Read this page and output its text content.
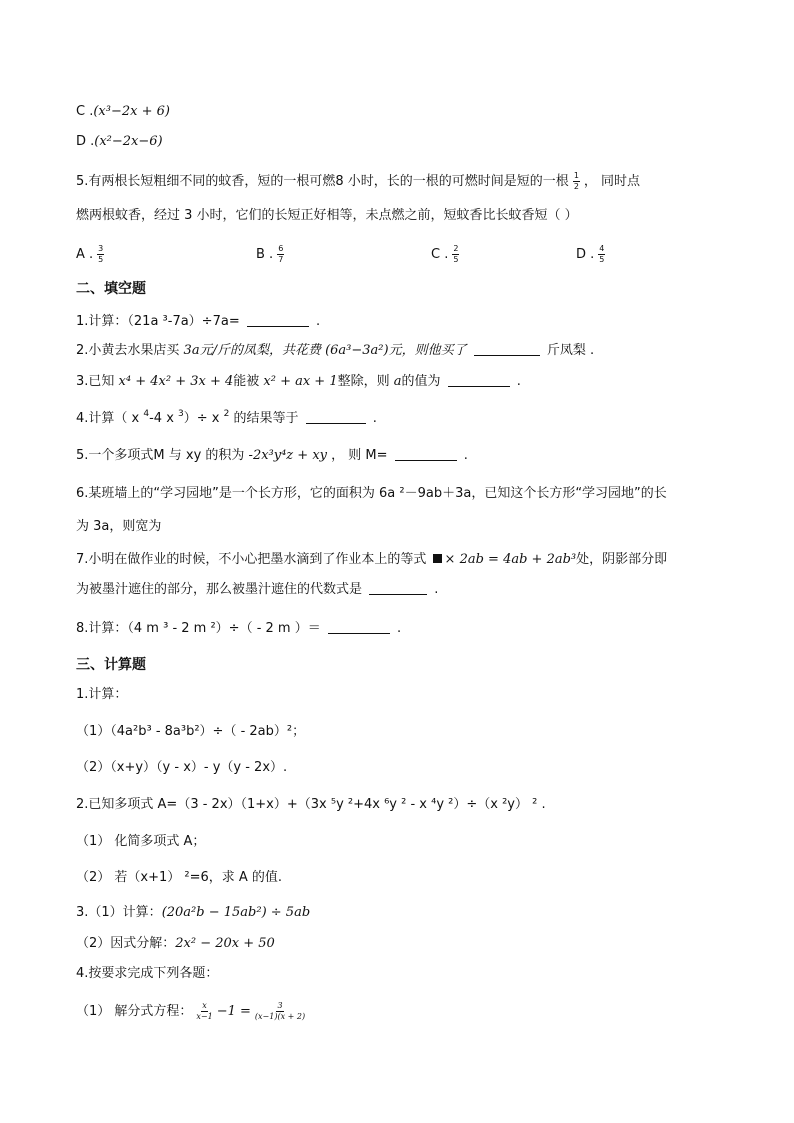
C .(x³−2x + 6)
D .(x²−2x−6)
5.有两根长短粗细不同的蚊香，短的一根可燃8 小时，长的一根的可燃时间是短的一根 $\frac{1}{2}$ ， 同时点
燃两根蚊香，经过 3 小时，它们的长短正好相等，未点燃之前，短蚊香比长蚊香短（ ）
A . $\frac{3}{5}$	B . $\frac{6}{7}$	C . $\frac{2}{5}$	D . $\frac{4}{5}$
二、填空题
1.计算：（21a ³-7a）÷7a=	.
2.小黄去水果店买 3a元/斤的凤梨，共花费 (6a³−3a²)元，则他买了	斤凤梨 .
3.已知 x⁴ + 4x² + 3x + 4能被 x² + ax + 1整除，则 a的值为	.
4.计算（ x $^4$-4 x $^3$）÷ x $^2$ 的结果等于	.
5.一个多项式M 与 xy 的积为 -2x³y⁴z + xy ， 则 M=	.
6.某班墙上的“学习园地”是一个长方形，它的面积为 6a ²－9ab＋3a，已知这个长方形“学习园地”的长
为 3a，则宽为
7.小明在做作业的时候，不小心把墨水滴到了作业本上的等式 × 2ab = 4ab + 2ab³处，阴影部分即
为被墨汁遮住的部分，那么被墨汁遮住的代数式是	.
8.计算：（4 m ³ - 2 m ²）÷（ - 2 m ）＝	.
三、计算题
1.计算：
（1）（4a²b³ - 8a³b²）÷（ - 2ab）²；
（2）（x+y）（y - x）- y（y - 2x）.
2.已知多项式 A=（3 - 2x）（1+x）+（3x ⁵y ²+4x ⁶y ² - x ⁴y ²）÷（x ²y） ² .
（1） 化简多项式 A；
（2） 若（x+1） ²=6，求 A 的值.
3.（1）计算：(20a²b − 15ab²) ÷ 5ab
（2）因式分解：2x² − 20x + 50
4.按要求完成下列各题：
（1） 解分式方程： $\frac{x}{x-1} -1 = \frac{3}{(x-1)(x + 2)}$
